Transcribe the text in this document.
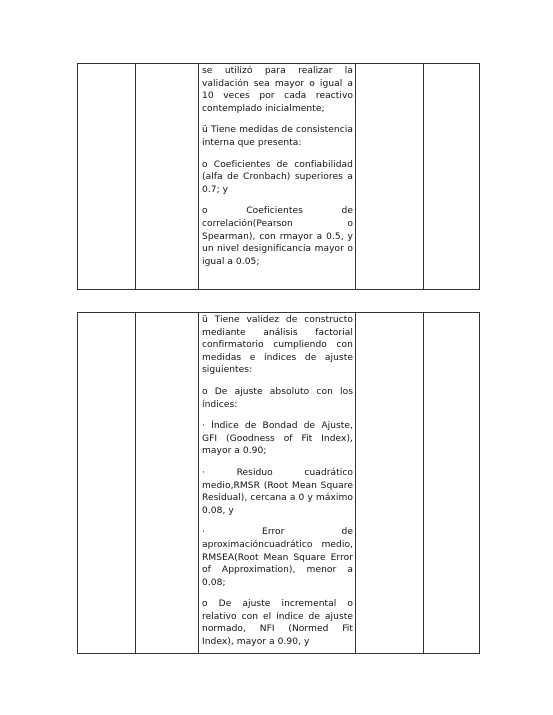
se utilizó para realizar la validación sea mayor o igual a 10 veces por cada reactivo contemplado inicialmente;

ü Tiene medidas de consistencia interna que presenta:

o Coeficientes de confiabilidad (alfa de Cronbach) superiores a 0.7; y

o Coeficientes de correlación(Pearson o Spearman), con rmayor a 0.5, y un nivel designificancia mayor o igual a 0.05;

ü Tiene validez de constructo mediante análisis factorial confirmatorio cumpliendo con medidas e índices de ajuste siguientes:

o De ajuste absoluto con los índices:

· Índice de Bondad de Ajuste, GFI (Goodness of Fit Index), mayor a 0.90;

· Residuo cuadrático medio,RMSR (Root Mean Square Residual), cercana a 0 y máximo 0.08, y

· Error de aproximacióncuadrático medio, RMSEA(Root Mean Square Error of Approximation), menor a 0.08;

o De ajuste incremental o relativo con el índice de ajuste normado, NFI (Normed Fit Index), mayor a 0.90, y
